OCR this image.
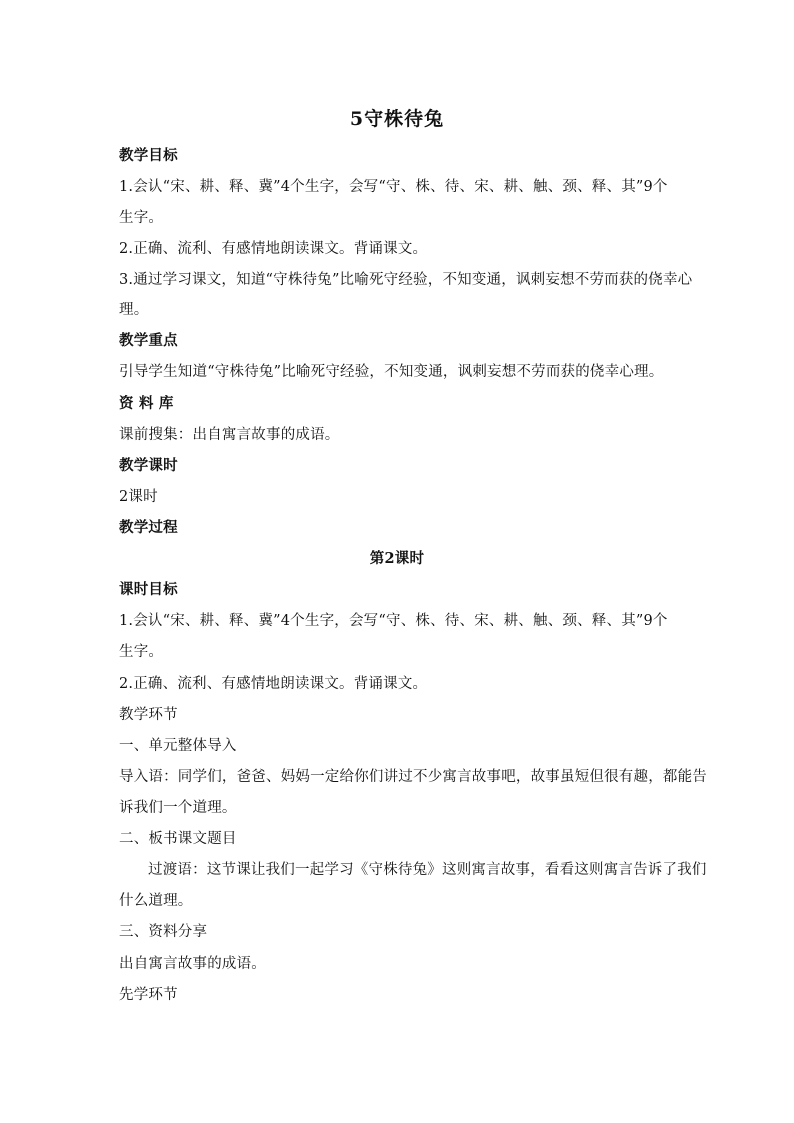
5守株待兔
教学目标
1.会认“宋、耕、释、冀”4个生字，会写“守、株、待、宋、耕、触、颈、释、其”9个
生字。
2.正确、流利、有感情地朗读课文。背诵课文。
3.通过学习课文，知道“守株待兔”比喻死守经验，不知变通，讽刺妄想不劳而获的侥幸心
理。
教学重点
引导学生知道“守株待兔”比喻死守经验，不知变通，讽刺妄想不劳而获的侥幸心理。
资 料 库
课前搜集：出自寓言故事的成语。
教学课时
2课时
教学过程
第2课时
课时目标
1.会认“宋、耕、释、冀”4个生字，会写“守、株、待、宋、耕、触、颈、释、其”9个
生字。
2.正确、流利、有感情地朗读课文。背诵课文。
教学环节
一、单元整体导入
导入语：同学们，爸爸、妈妈一定给你们讲过不少寓言故事吧，故事虽短但很有趣，都能告
诉我们一个道理。
二、板书课文题目
过渡语：这节课让我们一起学习《守株待兔》这则寓言故事，看看这则寓言告诉了我们
什么道理。
三、资料分享
出自寓言故事的成语。
先学环节
